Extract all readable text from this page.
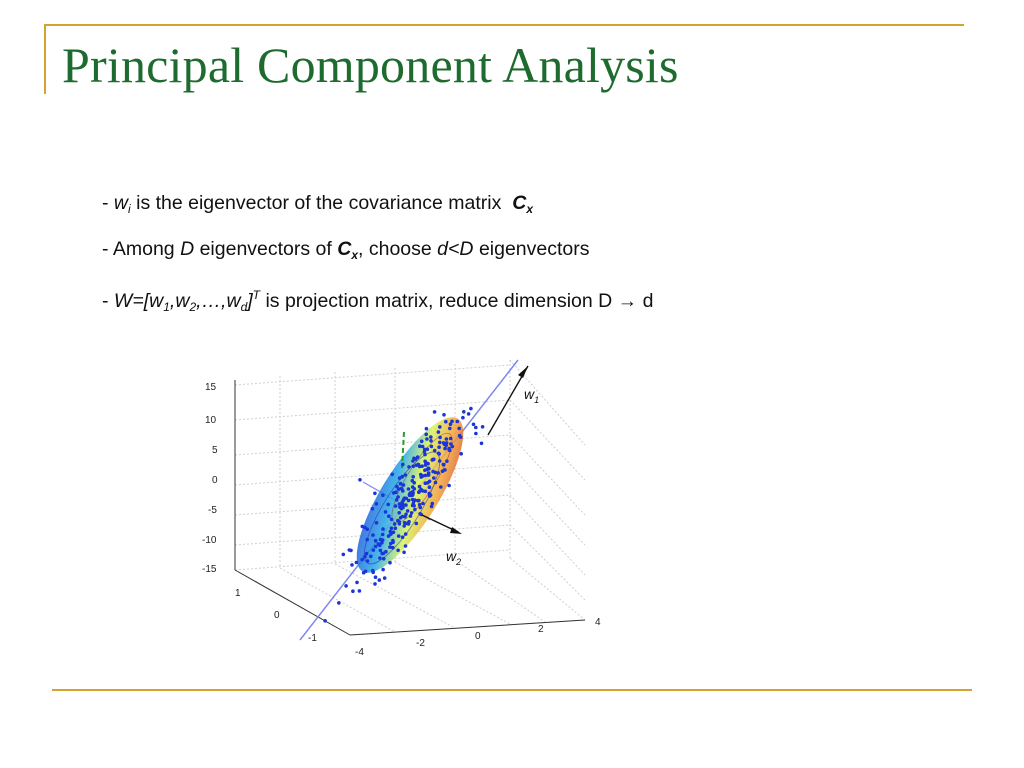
Principal Component Analysis
- $w_i$ is the eigenvector of the covariance matrix $C_x$
- Among D eigenvectors of $C_x$, choose d<D eigenvectors
- $W=[w_1,w_2,\dots,w_d]^T$ is projection matrix, reduce dimension D → d
15
10
5
0
-5
-10
-15
1
0
-1
-4
-2
0
2
4
$w_1$
$w_2$
